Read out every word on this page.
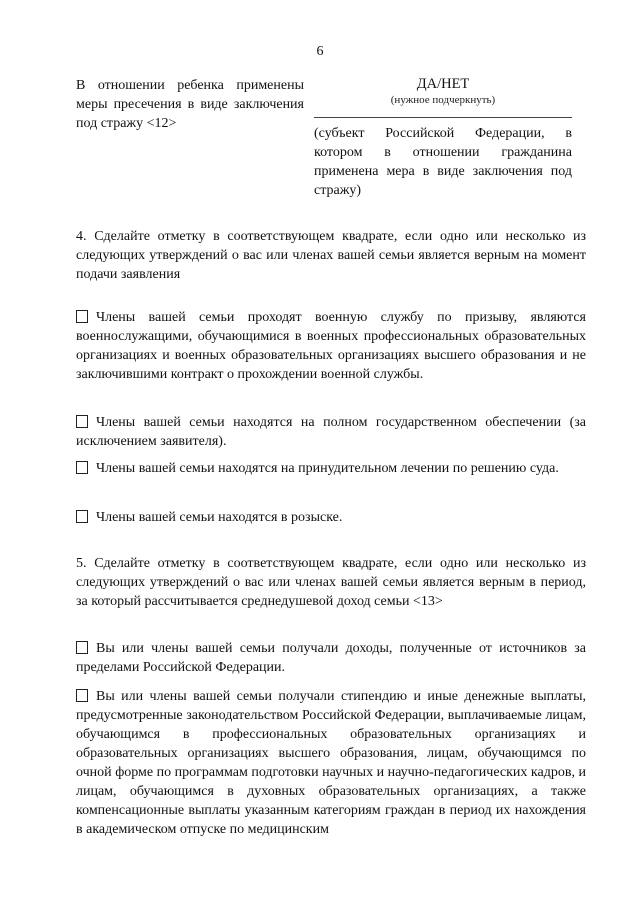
6
В отношении ребенка применены меры пресечения в виде заключения под стражу <12>
ДА/НЕТ
(нужное подчеркнуть)
(субъект Российской Федерации, в котором в отношении гражданина применена мера в виде заключения под стражу)
4. Сделайте отметку в соответствующем квадрате, если одно или несколько из следующих утверждений о вас или членах вашей семьи является верным на момент подачи заявления
Члены вашей семьи проходят военную службу по призыву, являются военнослужащими, обучающимися в военных профессиональных образовательных организациях и военных образовательных организациях высшего образования и не заключившими контракт о прохождении военной службы.
Члены вашей семьи находятся на полном государственном обеспечении (за исключением заявителя).
Члены вашей семьи находятся на принудительном лечении по решению суда.
Члены вашей семьи находятся в розыске.
5. Сделайте отметку в соответствующем квадрате, если одно или несколько из следующих утверждений о вас или членах вашей семьи является верным в период, за который рассчитывается среднедушевой доход семьи <13>
Вы или члены вашей семьи получали доходы, полученные от источников за пределами Российской Федерации.
Вы или члены вашей семьи получали стипендию и иные денежные выплаты, предусмотренные законодательством Российской Федерации, выплачиваемые лицам, обучающимся в профессиональных образовательных организациях и образовательных организациях высшего образования, лицам, обучающимся по очной форме по программам подготовки научных и научно-педагогических кадров, и лицам, обучающимся в духовных образовательных организациях, а также компенсационные выплаты указанным категориям граждан в период их нахождения в академическом отпуске по медицинским
